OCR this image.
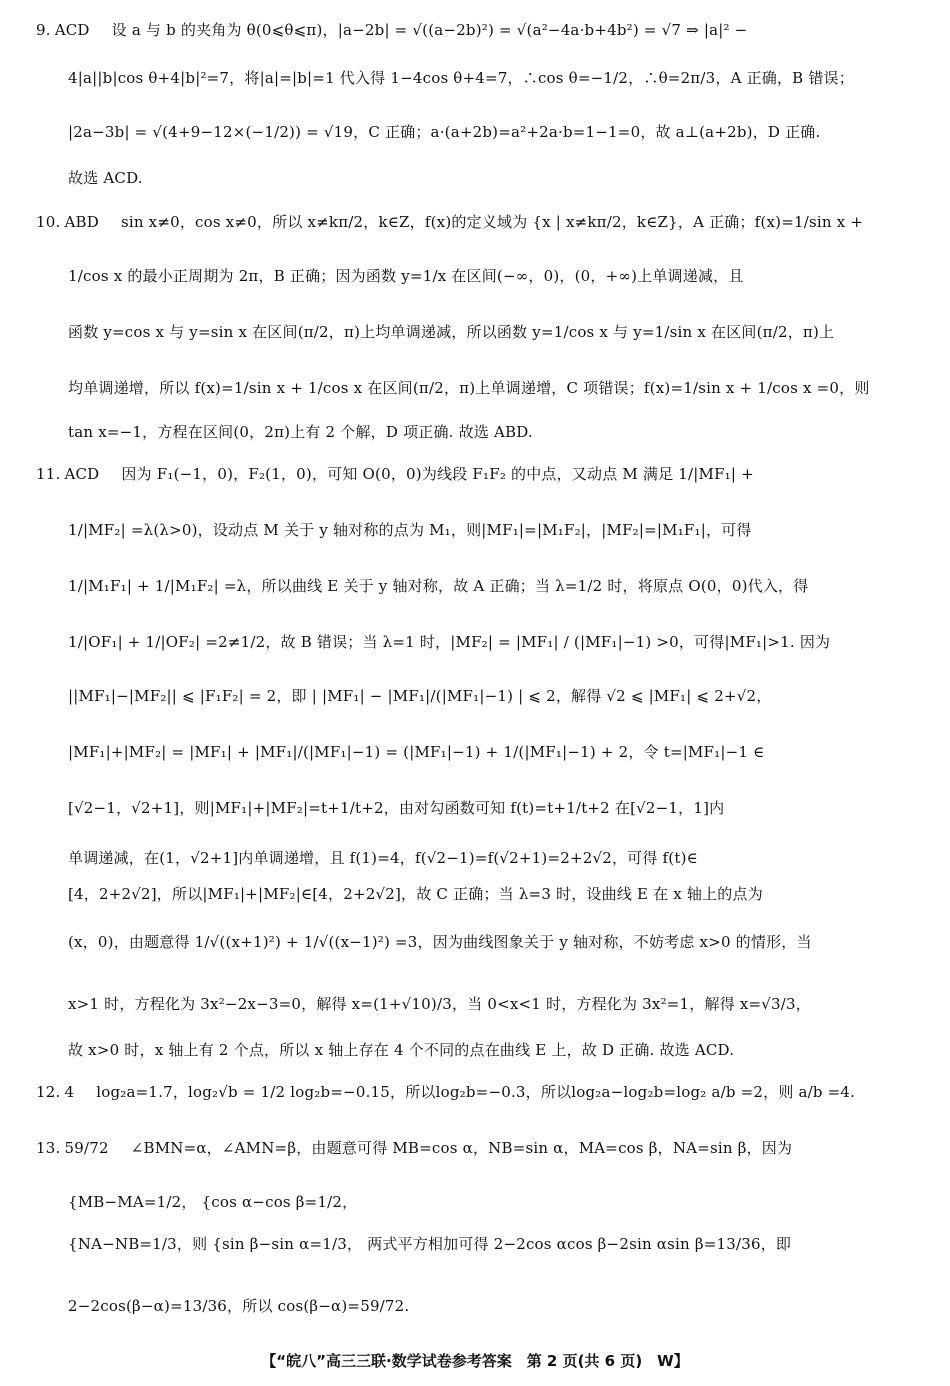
9. ACD 设 a 与 b 的夹角为 θ(0⩽θ⩽π)，|a−2b| = √((a−2b)²) = √(a²−4a·b+4b²) = √7 ⇒ |a|² −
4|a||b|cos θ+4|b|²=7，将|a|=|b|=1 代入得 1−4cos θ+4=7，∴cos θ=−1/2，∴θ=2π/3，A 正确，B 错误；
|2a−3b| = √(4+9−12×(−1/2)) = √19，C 正确；a·(a+2b)=a²+2a·b=1−1=0，故 a⊥(a+2b)，D 正确.
故选 ACD.
10. ABD sin x≠0，cos x≠0，所以 x≠kπ/2，k∈Z，f(x)的定义域为 {x | x≠kπ/2，k∈Z}，A 正确；f(x)=1/sin x +
1/cos x 的最小正周期为 2π，B 正确；因为函数 y=1/x 在区间(−∞，0)，(0，+∞)上单调递减，且
函数 y=cos x 与 y=sin x 在区间(π/2，π)上均单调递减，所以函数 y=1/cos x 与 y=1/sin x 在区间(π/2，π)上
均单调递增，所以 f(x)=1/sin x + 1/cos x 在区间(π/2，π)上单调递增，C 项错误；f(x)=1/sin x + 1/cos x =0，则
tan x=−1，方程在区间(0，2π)上有 2 个解，D 项正确. 故选 ABD.
11. ACD 因为 F₁(−1，0)，F₂(1，0)，可知 O(0，0)为线段 F₁F₂ 的中点，又动点 M 满足 1/|MF₁| +
1/|MF₂| =λ(λ>0)，设动点 M 关于 y 轴对称的点为 M₁，则|MF₁|=|M₁F₂|，|MF₂|=|M₁F₁|，可得
1/|M₁F₁| + 1/|M₁F₂| =λ，所以曲线 E 关于 y 轴对称，故 A 正确；当 λ=1/2 时，将原点 O(0，0)代入，得
1/|OF₁| + 1/|OF₂| =2≠1/2，故 B 错误；当 λ=1 时，|MF₂| = |MF₁| / (|MF₁|−1) >0，可得|MF₁|>1. 因为
||MF₁|−|MF₂|| ⩽ |F₁F₂| = 2，即 | |MF₁| − |MF₁|/(|MF₁|−1) | ⩽ 2，解得 √2 ⩽ |MF₁| ⩽ 2+√2，
|MF₁|+|MF₂| = |MF₁| + |MF₁|/(|MF₁|−1) = (|MF₁|−1) + 1/(|MF₁|−1) + 2，令 t=|MF₁|−1 ∈
[√2−1，√2+1]，则|MF₁|+|MF₂|=t+1/t+2，由对勾函数可知 f(t)=t+1/t+2 在[√2−1，1]内
单调递减，在(1，√2+1]内单调递增，且 f(1)=4，f(√2−1)=f(√2+1)=2+2√2，可得 f(t)∈
[4，2+2√2]，所以|MF₁|+|MF₂|∈[4，2+2√2]，故 C 正确；当 λ=3 时，设曲线 E 在 x 轴上的点为
(x，0)，由题意得 1/√((x+1)²) + 1/√((x−1)²) =3，因为曲线图象关于 y 轴对称，不妨考虑 x>0 的情形，当
x>1 时，方程化为 3x²−2x−3=0，解得 x=(1+√10)/3，当 0<x<1 时，方程化为 3x²=1，解得 x=√3/3，
故 x>0 时，x 轴上有 2 个点，所以 x 轴上存在 4 个不同的点在曲线 E 上，故 D 正确. 故选 ACD.
12. 4 log₂a=1.7，log₂√b = 1/2 log₂b=−0.15，所以log₂b=−0.3，所以log₂a−log₂b=log₂ a/b =2，则 a/b =4.
13. 59/72 ∠BMN=α，∠AMN=β，由题意可得 MB=cos α，NB=sin α，MA=cos β，NA=sin β，因为
{MB−MA=1/2， {cos α−cos β=1/2，
{NA−NB=1/3，则 {sin β−sin α=1/3， 两式平方相加可得 2−2cos αcos β−2sin αsin β=13/36，即
2−2cos(β−α)=13/36，所以 cos(β−α)=59/72.
【“皖八”高三三联·数学试卷参考答案　第 2 页(共 6 页)　W】
